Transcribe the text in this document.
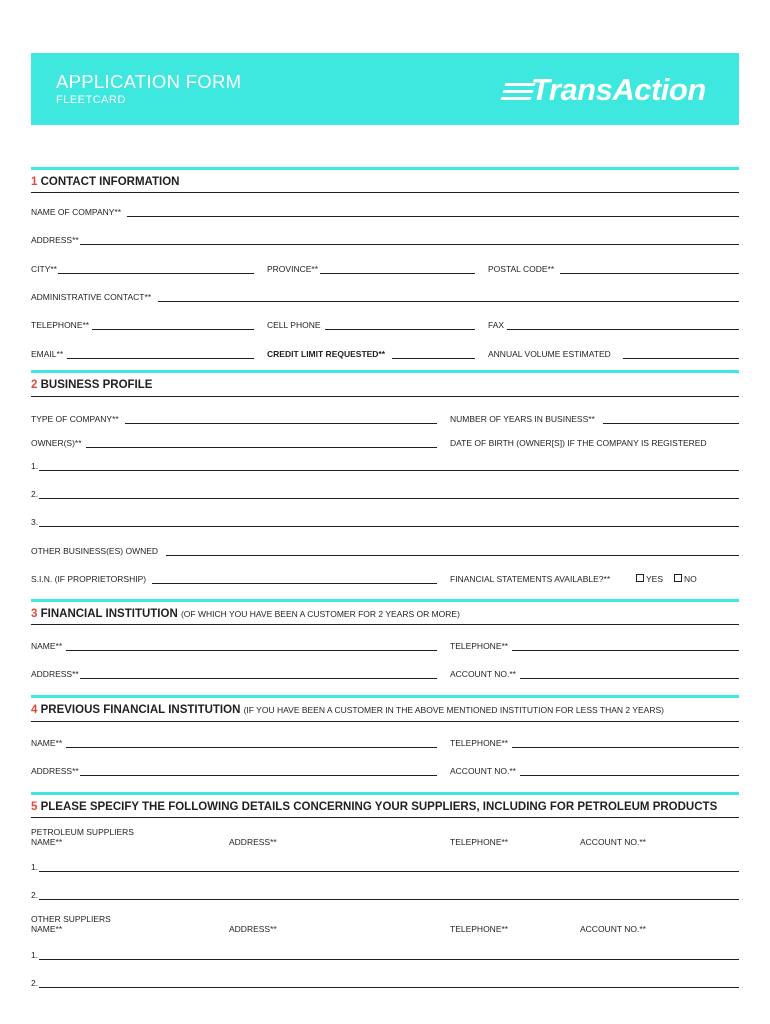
APPLICATION FORM
FLEETCARD	TransAction
1 CONTACT INFORMATION
NAME OF COMPANY**
ADDRESS**
CITY**	PROVINCE**	POSTAL CODE**
ADMINISTRATIVE CONTACT**
TELEPHONE**	CELL PHONE	FAX
EMAIL**	CREDIT LIMIT REQUESTED**	ANNUAL VOLUME ESTIMATED
2 BUSINESS PROFILE
TYPE OF COMPANY**	NUMBER OF YEARS IN BUSINESS**
OWNER(S)**	DATE OF BIRTH (OWNER[S]) IF THE COMPANY IS REGISTERED
1.
2.
3.
OTHER BUSINESS(ES) OWNED
S.I.N. (IF PROPRIETORSHIP)	FINANCIAL STATEMENTS AVAILABLE?**	YES NO
3 FINANCIAL INSTITUTION (OF WHICH YOU HAVE BEEN A CUSTOMER FOR 2 YEARS OR MORE)
NAME**	TELEPHONE**
ADDRESS**	ACCOUNT NO.**
4 PREVIOUS FINANCIAL INSTITUTION (IF YOU HAVE BEEN A CUSTOMER IN THE ABOVE MENTIONED INSTITUTION FOR LESS THAN 2 YEARS)
NAME**	TELEPHONE**
ADDRESS**	ACCOUNT NO.**
5 PLEASE SPECIFY THE FOLLOWING DETAILS CONCERNING YOUR SUPPLIERS, INCLUDING FOR PETROLEUM PRODUCTS
PETROLEUM SUPPLIERS
NAME**	ADDRESS**	TELEPHONE**	ACCOUNT NO.**
1.
2.
OTHER SUPPLIERS
NAME**	ADDRESS**	TELEPHONE**	ACCOUNT NO.**
1.
2.
